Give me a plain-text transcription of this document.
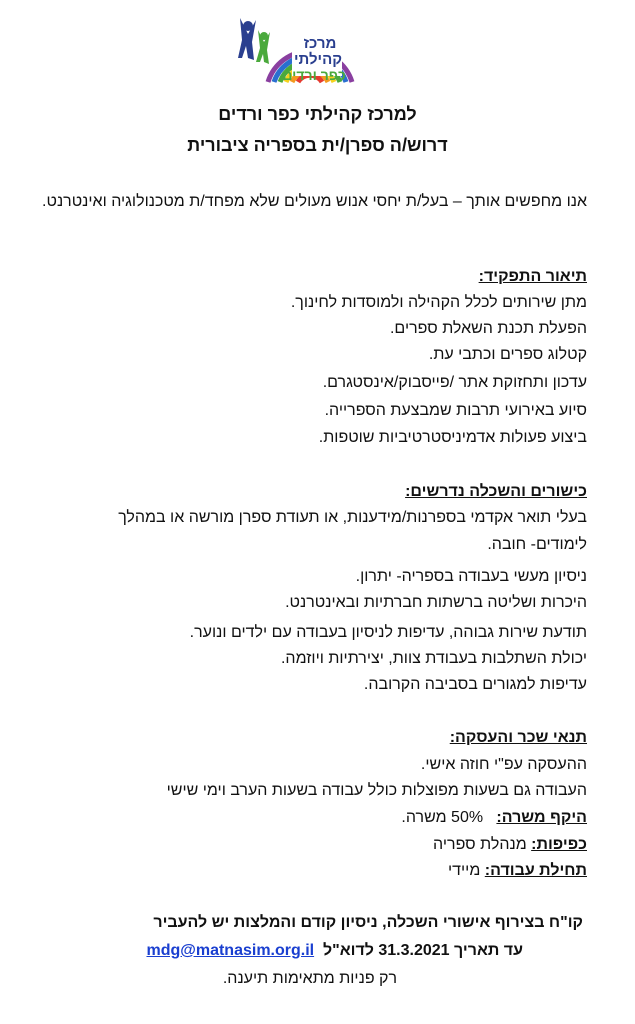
מרכז
קהילתי
כפר ורדים
למרכז קהילתי כפר ורדים
דרוש/ה ספרן/ית בספריה ציבורית
אנו מחפשים אותך – בעל/ת יחסי אנוש מעולים שלא מפחד/ת מטכנולוגיה ואינטרנט.
תיאור התפקיד:
מתן שירותים לכלל הקהילה ולמוסדות לחינוך.
הפעלת תכנת השאלת ספרים.
קטלוג ספרים וכתבי עת.
עדכון ותחזוקת אתר /פייסבוק/אינסטגרם.
סיוע באירועי תרבות שמבצעת הספרייה.
ביצוע פעולות אדמיניסטרטיביות שוטפות.
כישורים והשכלה נדרשים:
בעלי תואר אקדמי בספרנות/מידענות, או תעודת ספרן מורשה או במהלך
לימודים- חובה.
ניסיון מעשי בעבודה בספריה- יתרון.
היכרות ושליטה ברשתות חברתיות ובאינטרנט.
תודעת שירות גבוהה, עדיפות לניסיון בעבודה עם ילדים ונוער.
יכולת השתלבות בעבודת צוות, יצירתיות ויוזמה.
עדיפות למגורים בסביבה הקרובה.
תנאי שכר והעסקה:
ההעסקה עפ"י חוזה אישי.
העבודה גם בשעות מפוצלות כולל עבודה בשעות הערב וימי שישי
היקף משרה:   50% משרה.
כפיפות: מנהלת ספריה
תחילת עבודה: מיידי
קו"ח בצירוף אישורי השכלה, ניסיון קודם והמלצות יש להעביר
עד תאריך 31.3.2021 לדוא"ל  mdg@matnasim.org.il
רק פניות מתאימות תיענה.
